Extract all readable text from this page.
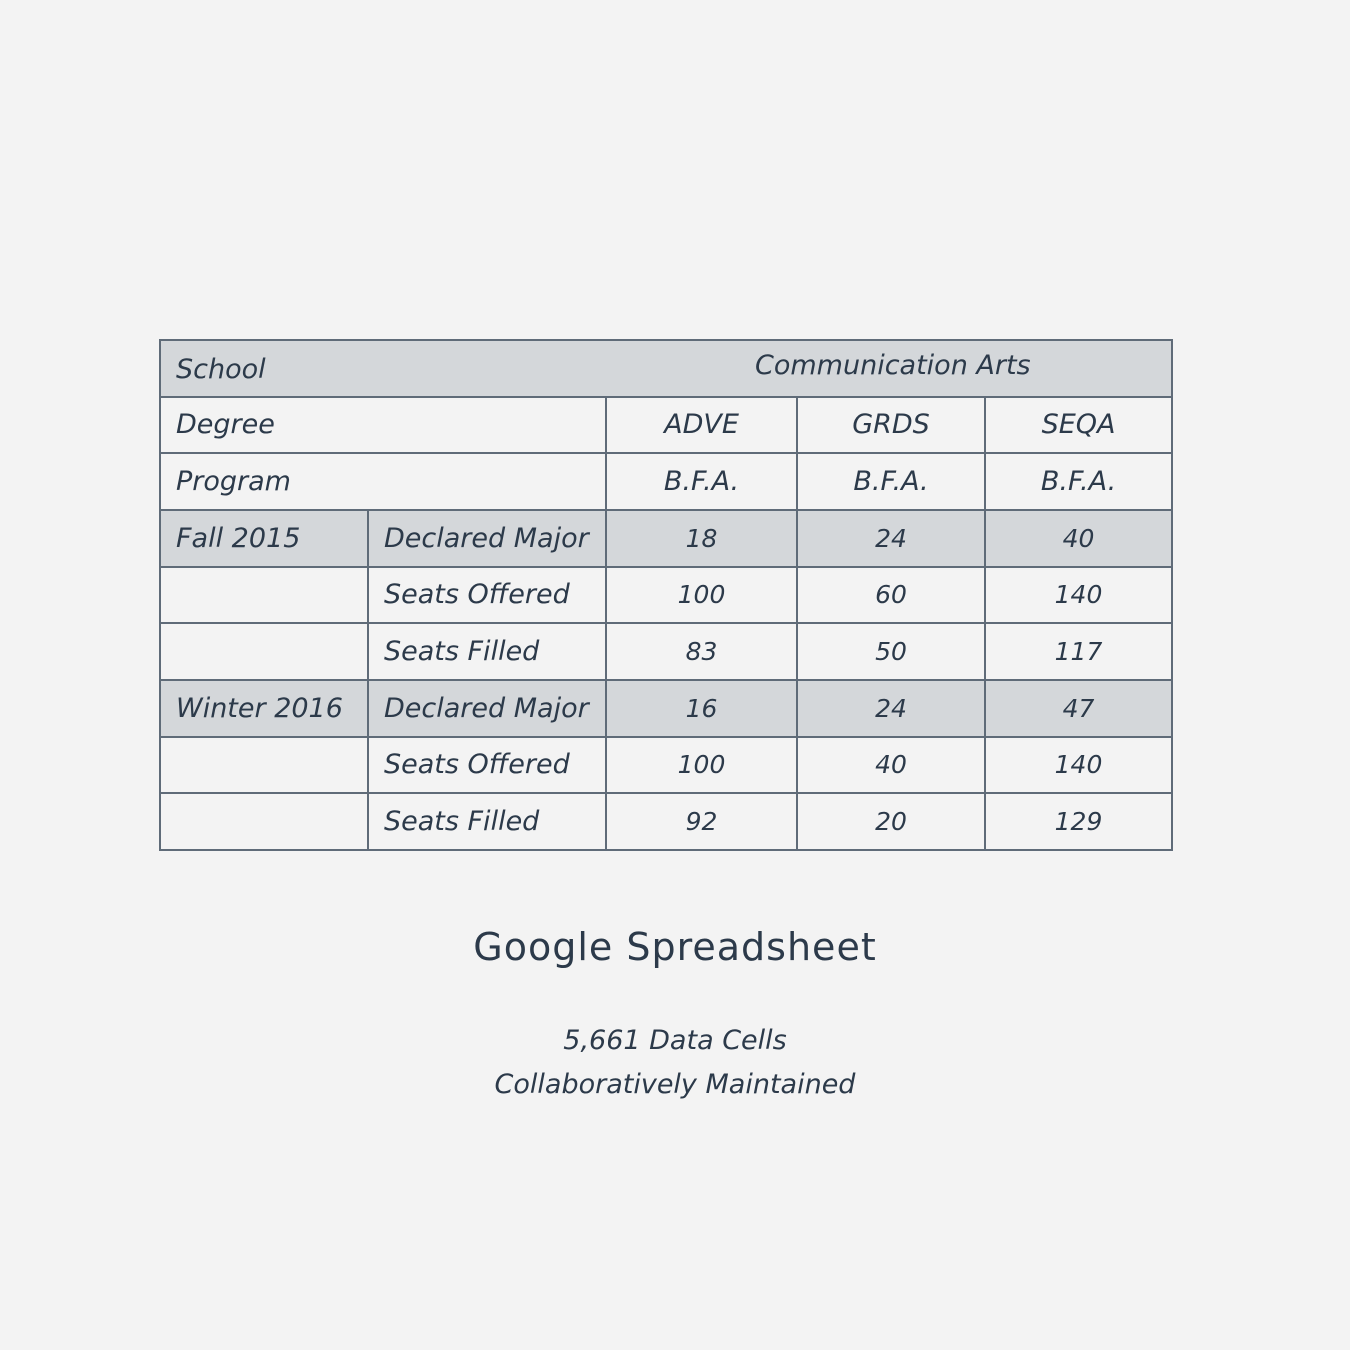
School Communication Arts				

Degree		ADVE	GRDS	SEQA
Program		B.F.A.	B.F.A.	B.F.A.
Fall 2015	Declared Major	18	24	40
	Seats Offered	100	60	140
	Seats Filled	83	50	117
Winter 2016	Declared Major	16	24	47
	Seats Offered	100	40	140
	Seats Filled	92	20	129
Google Spreadsheet
5,661 Data Cells
Collaboratively Maintained
